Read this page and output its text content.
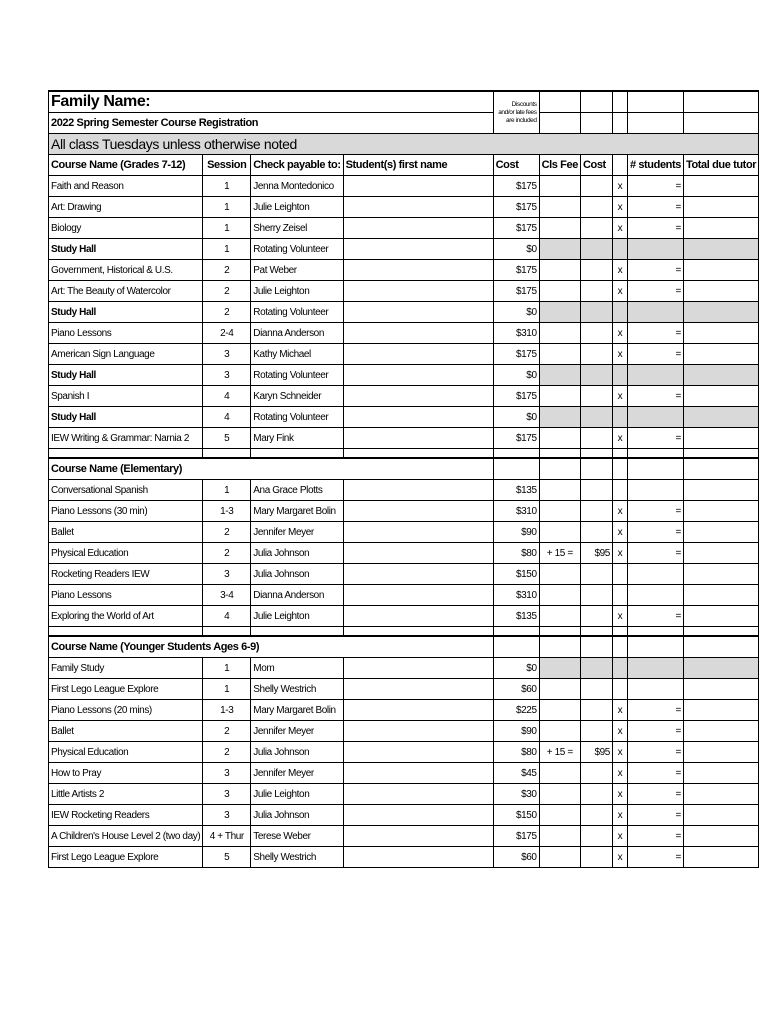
Family Name:				Discounts and/or late fees are included					
2022 Spring Semester Course Registration									
All class Tuesdays unless otherwise noted									
Course Name (Grades 7-12)	Session	Check payable to:	Student(s) first name	Cost	Cls Fee	Cost		# students	Total due tutor
Faith and Reason	1	Jenna Montedonico		$175			x	=	
Art: Drawing	1	Julie Leighton		$175			x	=	
Biology	1	Sherry Zeisel		$175			x	=	
Study Hall	1	Rotating Volunteer		$0					
Government, Historical & U.S.	2	Pat Weber		$175			x	=	
Art: The Beauty of Watercolor	2	Julie Leighton		$175			x	=	
Study Hall	2	Rotating Volunteer		$0					
Piano Lessons	2-4	Dianna Anderson		$310			x	=	
American Sign Language	3	Kathy Michael		$175			x	=	
Study Hall	3	Rotating Volunteer		$0					
Spanish I	4	Karyn Schneider		$175			x	=	
Study Hall	4	Rotating Volunteer		$0					
IEW Writing & Grammar: Narnia 2	5	Mary Fink		$175			x	=	

Course Name (Elementary)									
Conversational Spanish	1	Ana Grace Plotts		$135					
Piano Lessons (30 min)	1-3	Mary Margaret Bolin		$310			x	=	
Ballet	2	Jennifer Meyer		$90			x	=	
Physical Education	2	Julia Johnson		$80	+ 15 =	$95	x	=	
Rocketing Readers IEW	3	Julia Johnson		$150					
Piano Lessons	3-4	Dianna Anderson		$310					
Exploring the World of Art	4	Julie Leighton		$135			x	=	

Course Name (Younger Students Ages 6-9)									
Family Study	1	Mom		$0					
First Lego League Explore	1	Shelly Westrich		$60					
Piano Lessons (20 mins)	1-3	Mary Margaret Bolin		$225			x	=	
Ballet	2	Jennifer Meyer		$90			x	=	
Physical Education	2	Julia Johnson		$80	+ 15 =	$95	x	=	
How to Pray	3	Jennifer Meyer		$45			x	=	
Little Artists 2	3	Julie Leighton		$30			x	=	
IEW Rocketing Readers	3	Julia Johnson		$150			x	=	
A Children's House Level 2 (two day)	4 + Thur	Terese Weber		$175			x	=	
First Lego League Explore	5	Shelly Westrich		$60			x	=	
